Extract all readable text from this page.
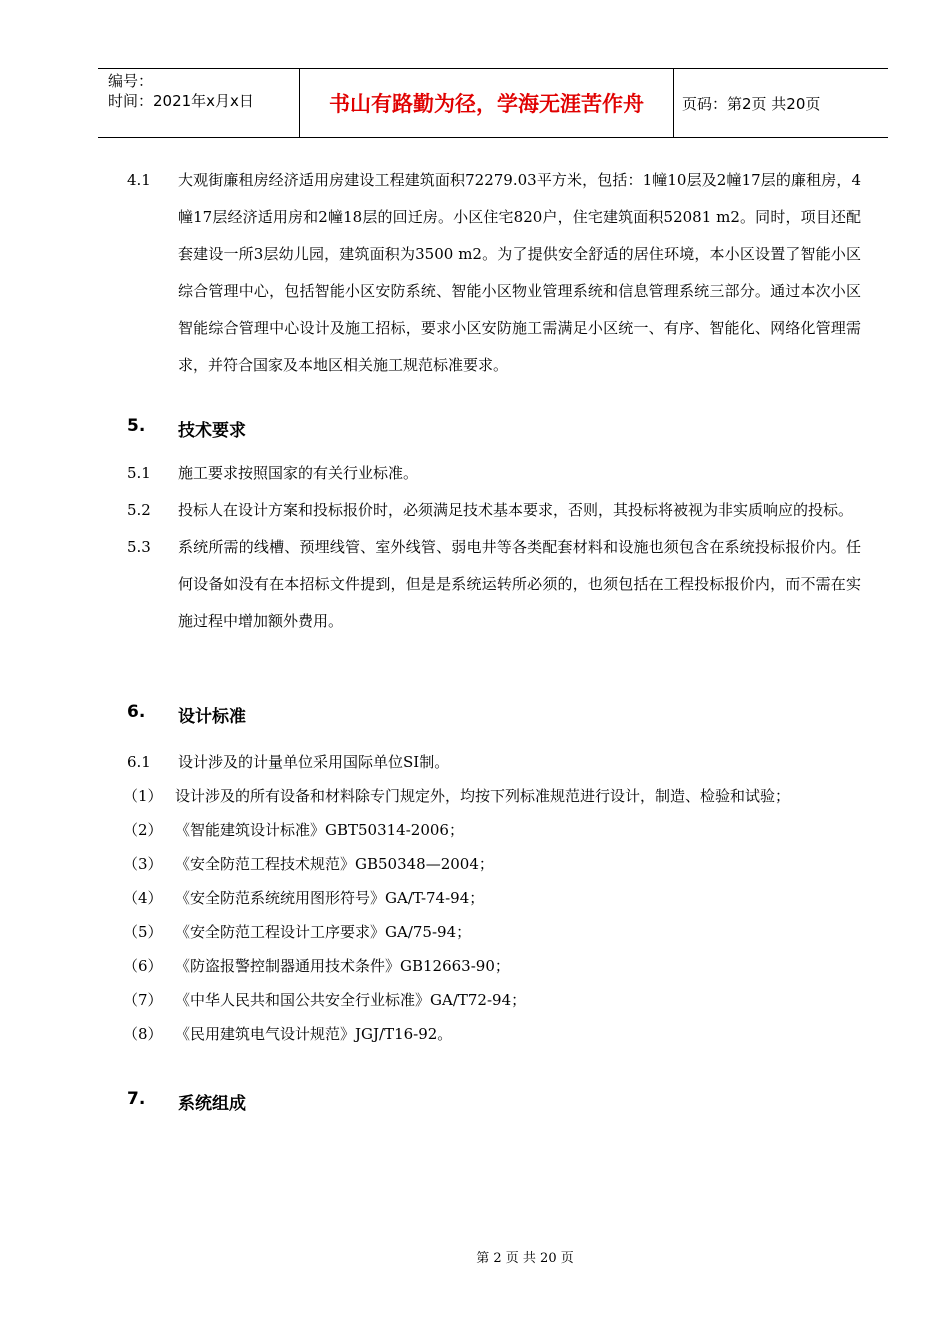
编号：
时间：2021年x月x日	书山有路勤为径，学海无涯苦作舟	页码：第2页 共20页
4.1	大观街廉租房经济适用房建设工程建筑面积72279.03平方米，包括：1幢10层及2幢17层的廉租房，4幢17层经济适用房和2幢18层的回迁房。小区住宅820户，住宅建筑面积52081 m2。同时，项目还配套建设一所3层幼儿园，建筑面积为3500 m2。为了提供安全舒适的居住环境，本小区设置了智能小区综合管理中心，包括智能小区安防系统、智能小区物业管理系统和信息管理系统三部分。通过本次小区智能综合管理中心设计及施工招标，要求小区安防施工需满足小区统一、有序、智能化、网络化管理需求，并符合国家及本地区相关施工规范标准要求。
5.	技术要求
5.1	施工要求按照国家的有关行业标准。
5.2	投标人在设计方案和投标报价时，必须满足技术基本要求，否则，其投标将被视为非实质响应的投标。
5.3	系统所需的线槽、预埋线管、室外线管、弱电井等各类配套材料和设施也须包含在系统投标报价内。任何设备如没有在本招标文件提到，但是是系统运转所必须的，也须包括在工程投标报价内，而不需在实施过程中增加额外费用。
6.	设计标准
6.1	设计涉及的计量单位采用国际单位SI制。
（1） 设计涉及的所有设备和材料除专门规定外，均按下列标准规范进行设计，制造、检验和试验；
（2） 《智能建筑设计标准》GBT50314-2006；
（3） 《安全防范工程技术规范》GB50348—2004；
（4） 《安全防范系统统用图形符号》GA/T-74-94；
（5） 《安全防范工程设计工序要求》GA/75-94；
（6） 《防盗报警控制器通用技术条件》GB12663-90；
（7） 《中华人民共和国公共安全行业标准》GA/T72-94；
（8） 《民用建筑电气设计规范》JGJ/T16-92。
7.	系统组成
第 2 页 共 20 页
